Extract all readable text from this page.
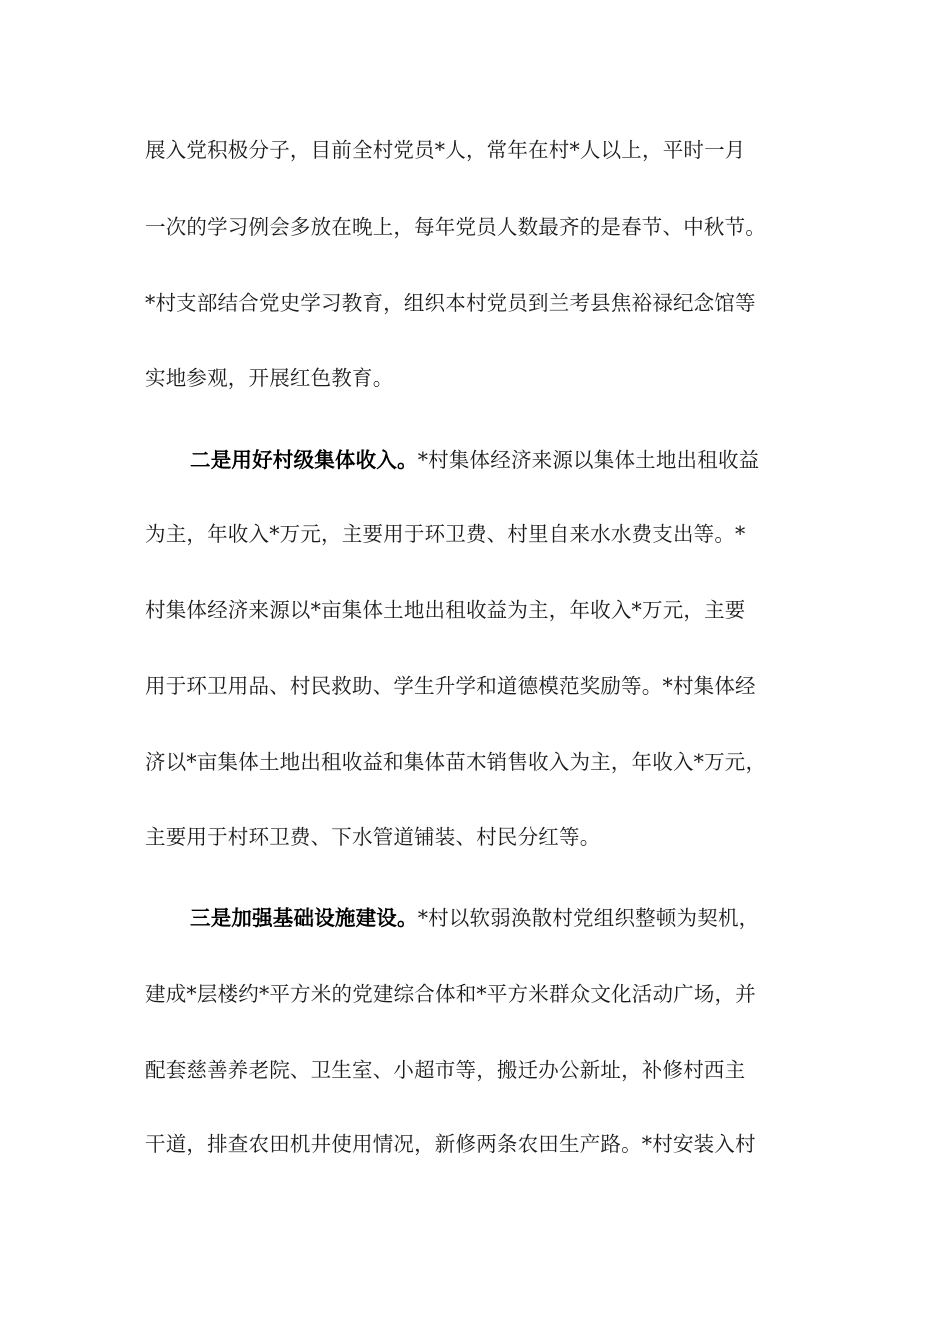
展入党积极分子，目前全村党员*人，常年在村*人以上，平时一月
一次的学习例会多放在晚上，每年党员人数最齐的是春节、中秋节。
*村支部结合党史学习教育，组织本村党员到兰考县焦裕禄纪念馆等
实地参观，开展红色教育。
二是用好村级集体收入。*村集体经济来源以集体土地出租收益
为主，年收入*万元，主要用于环卫费、村里自来水水费支出等。*
村集体经济来源以*亩集体土地出租收益为主，年收入*万元，主要
用于环卫用品、村民救助、学生升学和道德模范奖励等。*村集体经
济以*亩集体土地出租收益和集体苗木销售收入为主，年收入*万元，
主要用于村环卫费、下水管道铺装、村民分红等。
三是加强基础设施建设。*村以软弱涣散村党组织整顿为契机，
建成*层楼约*平方米的党建综合体和*平方米群众文化活动广场，并
配套慈善养老院、卫生室、小超市等，搬迁办公新址，补修村西主
干道，排查农田机井使用情况，新修两条农田生产路。*村安装入村
